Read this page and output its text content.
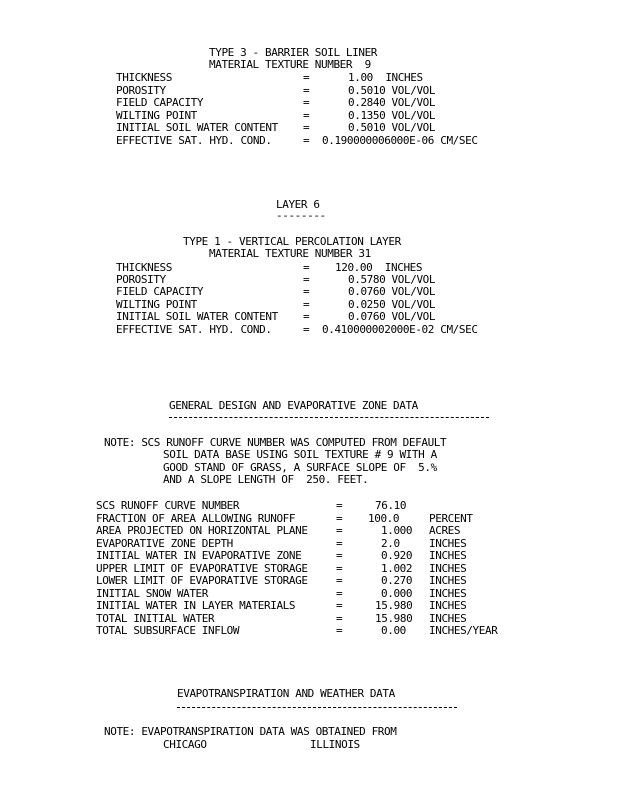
TYPE 3 - BARRIER SOIL LINER
MATERIAL TEXTURE NUMBER  9
THICKNESS	=	1.00  INCHES
POROSITY	=	0.5010 VOL/VOL
FIELD CAPACITY	=	0.2840 VOL/VOL
WILTING POINT	=	0.1350 VOL/VOL
INITIAL SOIL WATER CONTENT =	0.5010 VOL/VOL
EFFECTIVE SAT. HYD. COND.	= 0.190000006000E-06 CM/SEC
LAYER 6
--------
TYPE 1 - VERTICAL PERCOLATION LAYER
MATERIAL TEXTURE NUMBER 31
THICKNESS	= 120.00  INCHES
POROSITY	=	0.5780 VOL/VOL
FIELD CAPACITY	=	0.0760 VOL/VOL
WILTING POINT	=	0.0250 VOL/VOL
INITIAL SOIL WATER CONTENT =	0.0760 VOL/VOL
EFFECTIVE SAT. HYD. COND.	= 0.410000002000E-02 CM/SEC
GENERAL DESIGN AND EVAPORATIVE ZONE DATA
NOTE: SCS RUNOFF CURVE NUMBER WAS COMPUTED FROM DEFAULT
SOIL DATA BASE USING SOIL TEXTURE # 9 WITH A
GOOD STAND OF GRASS, A SURFACE SLOPE OF  5.%
AND A SLOPE LENGTH OF  250. FEET.
SCS RUNOFF CURVE NUMBER	=	76.10
FRACTION OF AREA ALLOWING RUNOFF	= 100.0	PERCENT
AREA PROJECTED ON HORIZONTAL PLANE	=	1.000 ACRES
EVAPORATIVE ZONE DEPTH	=	2.0	INCHES
INITIAL WATER IN EVAPORATIVE ZONE	=	0.920 INCHES
UPPER LIMIT OF EVAPORATIVE STORAGE	=	1.002 INCHES
LOWER LIMIT OF EVAPORATIVE STORAGE	=	0.270 INCHES
INITIAL SNOW WATER	=	0.000 INCHES
INITIAL WATER IN LAYER MATERIALS	=	15.980 INCHES
TOTAL INITIAL WATER	=	15.980 INCHES
TOTAL SUBSURFACE INFLOW	=	0.00 INCHES/YEAR
EVAPOTRANSPIRATION AND WEATHER DATA
NOTE: EVAPOTRANSPIRATION DATA WAS OBTAINED FROM
CHICAGO	ILLINOIS
